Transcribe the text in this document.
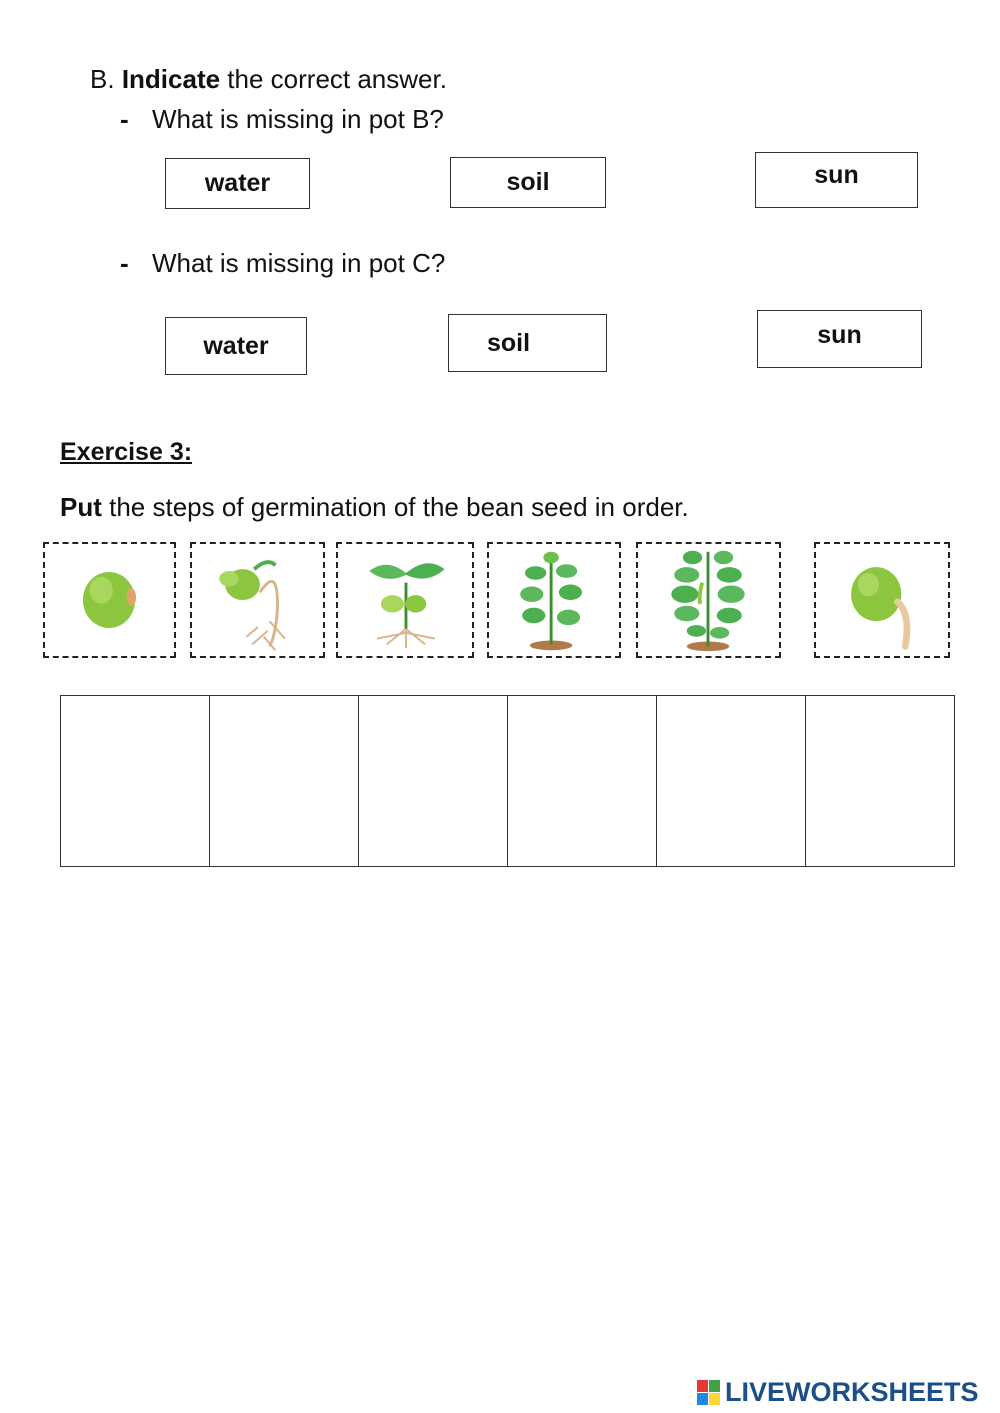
B. Indicate the correct answer.
- What is missing in pot B?
water	soil	sun
- What is missing in pot C?
water	soil	sun
Exercise 3:
Put the steps of germination of the bean seed in order.
LIVEWORKSHEETS
